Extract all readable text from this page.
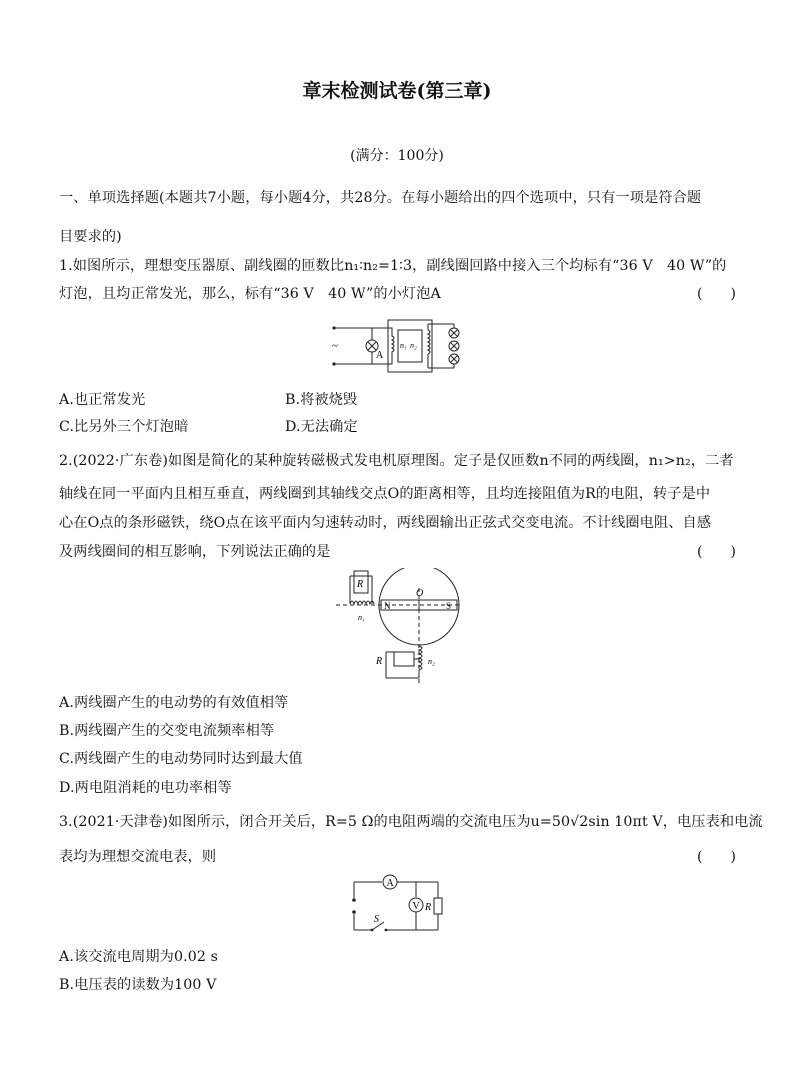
章末检测试卷(第三章)
(满分：100分)
一、单项选择题(本题共7小题，每小题4分，共28分。在每小题给出的四个选项中，只有一项是符合题
目要求的)
1.如图所示，理想变压器原、副线圈的匝数比n₁∶n₂=1∶3，副线圈回路中接入三个均标有“36 V　40 W”的
灯泡，且均正常发光，那么，标有“36 V　40 W”的小灯泡A	(　　)
~
A
n₁ n₂
A.也正常发光	B.将被烧毁
C.比另外三个灯泡暗	D.无法确定
2.(2022·广东卷)如图是简化的某种旋转磁极式发电机原理图。定子是仅匝数n不同的两线圈，n₁>n₂，二者
轴线在同一平面内且相互垂直，两线圈到其轴线交点O的距离相等，且均连接阻值为R的电阻，转子是中
心在O点的条形磁铁，绕O点在该平面内匀速转动时，两线圈输出正弦式交变电流。不计线圈电阻、自感
及两线圈间的相互影响，下列说法正确的是	(　　)
R
n₁
O
N	S
R	n₂
A.两线圈产生的电动势的有效值相等
B.两线圈产生的交变电流频率相等
C.两线圈产生的电动势同时达到最大值
D.两电阻消耗的电功率相等
3.(2021·天津卷)如图所示，闭合开关后，R=5 Ω的电阻两端的交流电压为u=50√2sin 10πt V，电压表和电流
表均为理想交流电表，则	(　　)
A
V R
S
A.该交流电周期为0.02 s
B.电压表的读数为100 V
